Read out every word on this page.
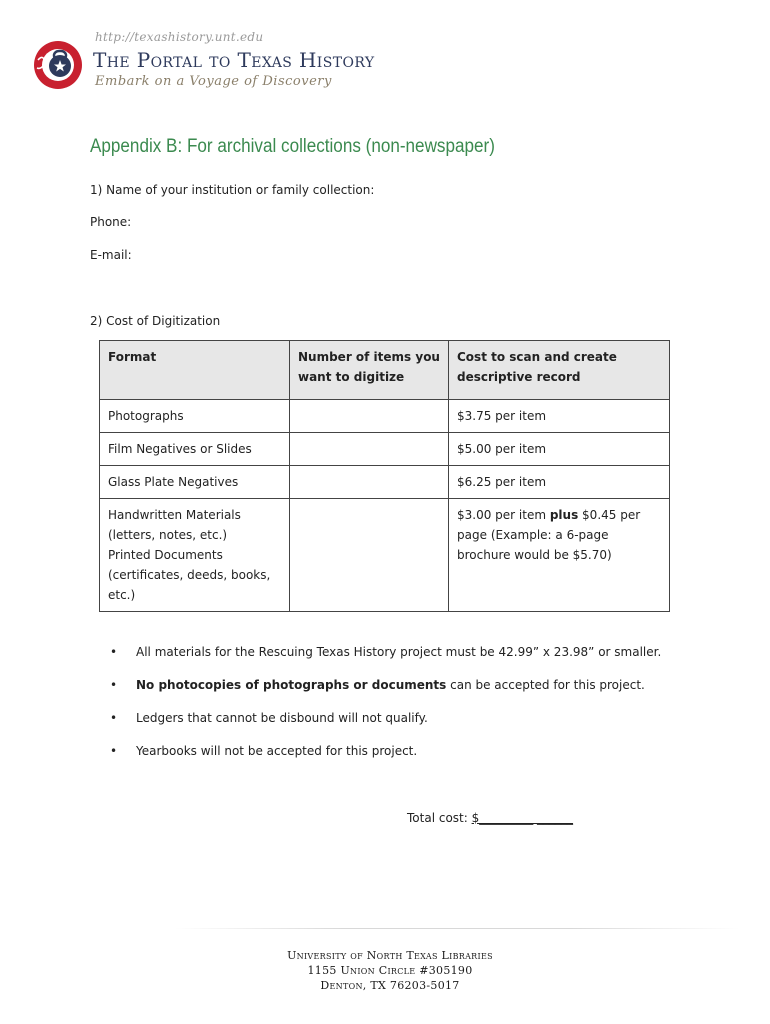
http://texashistory.unt.edu
The Portal to Texas History
Embark on a Voyage of Discovery
Appendix B: For archival collections (non-newspaper)
1) Name of your institution or family collection:
Phone:
E-mail:
2) Cost of Digitization
Format	Number of items you want to digitize	Cost to scan and create descriptive record
Photographs		$3.75 per item
Film Negatives or Slides		$5.00 per item
Glass Plate Negatives		$6.25 per item

Handwritten Materials
(letters, notes, etc.)
Printed Documents
(certificates, deeds, books,
etc.)		$3.00 per item plus $0.45 per page (Example: a 6-page brochure would be $5.70)
• All materials for the Rescuing Texas History project must be 42.99” x 23.98” or smaller.
• No photocopies of photographs or documents can be accepted for this project.
• Ledgers that cannot be disbound will not qualify.
• Yearbooks will not be accepted for this project.
Total cost: $_________ ______
University of North Texas Libraries
1155 Union Circle #305190
Denton, TX 76203-5017
